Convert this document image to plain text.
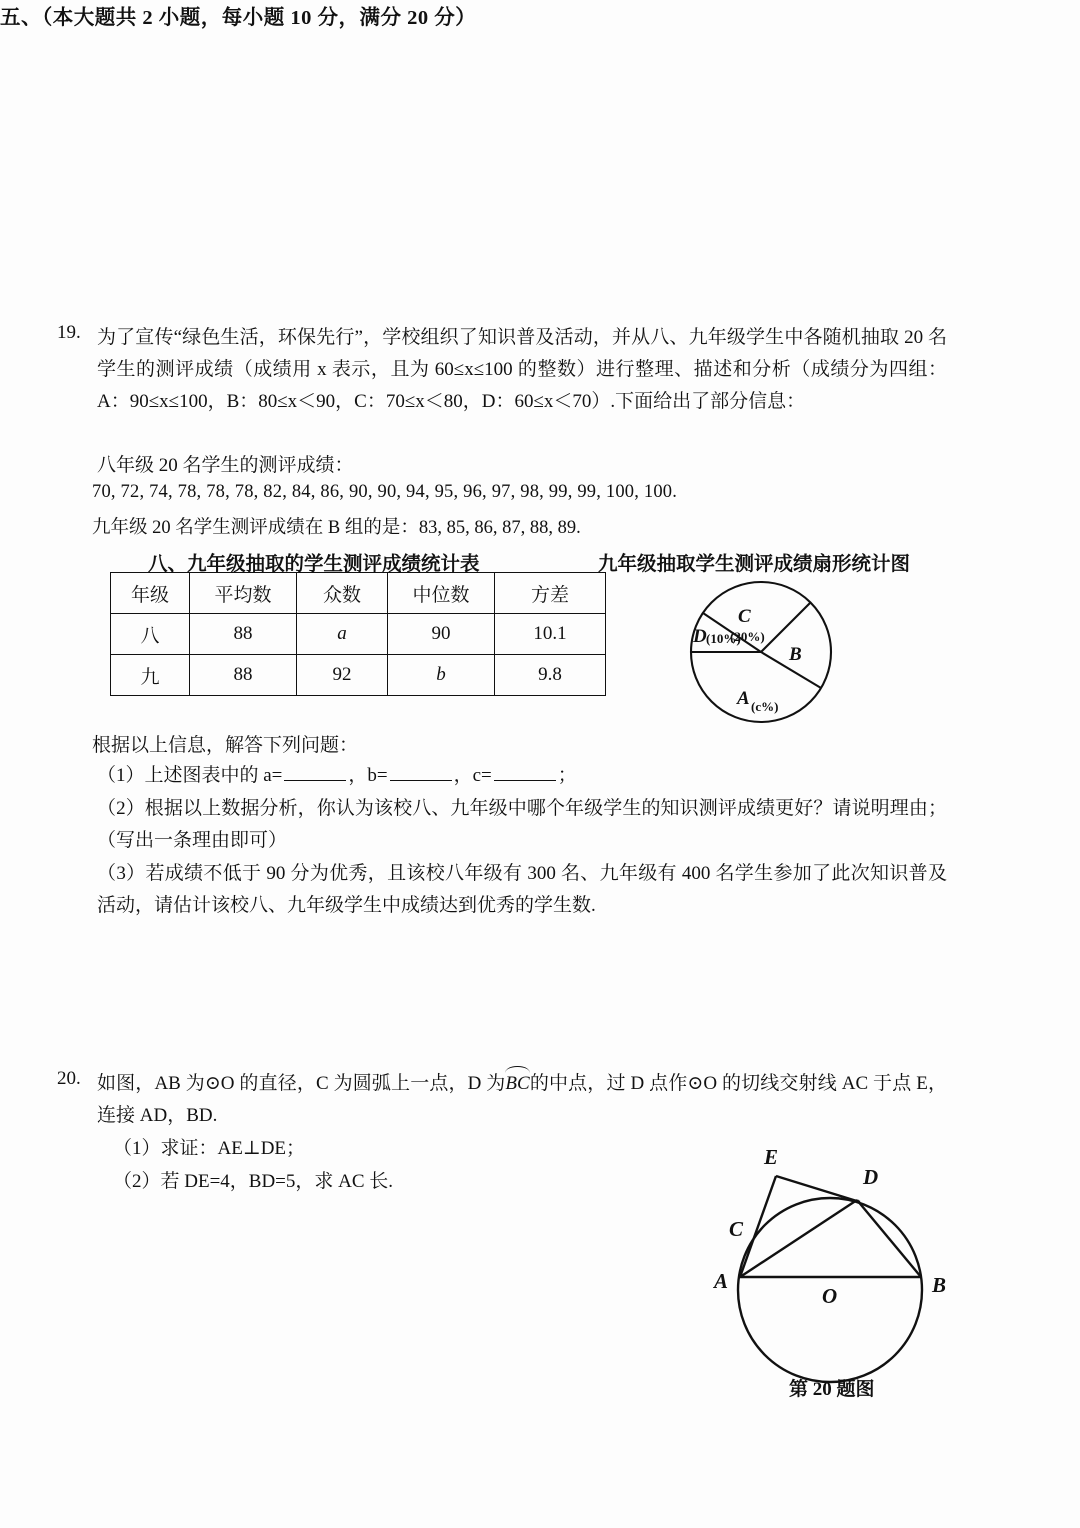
五、（本大题共 2 小题，每小题 10 分，满分 20 分）
19. 为了宣传“绿色生活，环保先行”，学校组织了知识普及活动，并从八、九年级学生中各随机抽取 20 名学生的测评成绩（成绩用 x 表示，且为 60≤x≤100 的整数）进行整理、描述和分析（成绩分为四组：A：90≤x≤100，B：80≤x＜90，C：70≤x＜80，D：60≤x＜70）.下面给出了部分信息：
八年级 20 名学生的测评成绩：
70, 72, 74, 78, 78, 78, 82, 84, 86, 90, 90, 94, 95, 96, 97, 98, 99, 99, 100, 100.
九年级 20 名学生测评成绩在 B 组的是：83, 85, 86, 87, 88, 89.
八、九年级抽取的学生测评成绩统计表
年级	平均数	众数	中位数	方差
八	88	a	90	10.1
九	88	92	b	9.8
九年级抽取学生测评成绩扇形统计图
C
(20%)
D (10%)
B
A (c%)
根据以上信息，解答下列问题：
（1）上述图表中的 a=	，b=	，c=	；
（2）根据以上数据分析，你认为该校八、九年级中哪个年级学生的知识测评成绩更好？请说明理由；（写出一条理由即可）
（3）若成绩不低于 90 分为优秀，且该校八年级有 300 名、九年级有 400 名学生参加了此次知识普及活动，请估计该校八、九年级学生中成绩达到优秀的学生数.
20. 如图，AB 为⊙O 的直径，C 为圆弧上一点，D 为BC的中点，过 D 点作⊙O 的切线交射线 AC 于点 E，连接 AD，BD.
（1）求证：AE⊥DE；
（2）若 DE=4，BD=5，求 AC 长.
A	B
C
D
E
O
第 20 题图
